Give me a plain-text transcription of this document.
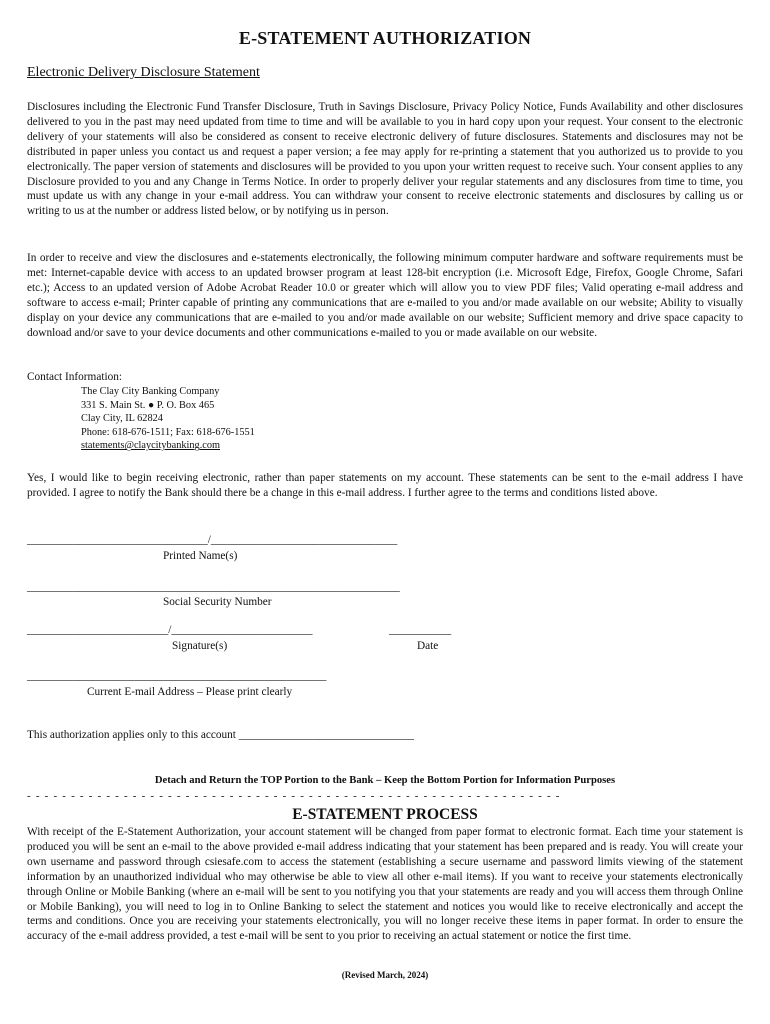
E-STATEMENT AUTHORIZATION
Electronic Delivery Disclosure Statement
Disclosures including the Electronic Fund Transfer Disclosure, Truth in Savings Disclosure, Privacy Policy Notice, Funds Availability and other disclosures delivered to you in the past may need updated from time to time and will be available to you in hard copy upon your request. Your consent to the electronic delivery of your statements will also be considered as consent to receive electronic delivery of future disclosures. Statements and disclosures may not be distributed in paper unless you contact us and request a paper version; a fee may apply for re-printing a statement that you authorized us to provide to you electronically. The paper version of statements and disclosures will be provided to you upon your written request to receive such. Your consent applies to any Disclosure provided to you and any Change in Terms Notice. In order to properly deliver your regular statements and any disclosures from time to time, you must update us with any change in your e-mail address. You can withdraw your consent to receive electronic statements and disclosures by calling us or writing to us at the number or address listed below, or by notifying us in person.
In order to receive and view the disclosures and e-statements electronically, the following minimum computer hardware and software requirements must be met: Internet-capable device with access to an updated browser program at least 128-bit encryption (i.e. Microsoft Edge, Firefox, Google Chrome, Safari etc.); Access to an updated version of Adobe Acrobat Reader 10.0 or greater which will allow you to view PDF files; Valid operating e-mail address and software to access e-mail; Printer capable of printing any communications that are e-mailed to you and/or made available on our website; Ability to visually display on your device any communications that are e-mailed to you and/or made available on our website; Sufficient memory and drive space capacity to download and/or save to your device documents and other communications e-mailed to you or made available on our website.
Contact Information:
The Clay City Banking Company
331 S. Main St. ● P. O. Box 465
Clay City, IL 62824
Phone: 618-676-1511; Fax: 618-676-1551
statements@claycitybanking.com
Yes, I would like to begin receiving electronic, rather than paper statements on my account. These statements can be sent to the e-mail address I have provided. I agree to notify the Bank should there be a change in this e-mail address. I further agree to the terms and conditions listed above.
________________________________/_________________________________
Printed Name(s)
__________________________________________________________________
Social Security Number
_________________________/_________________________	___________
Signature(s)	Date
_____________________________________________________
Current E-mail Address – Please print clearly
This authorization applies only to this account _______________________________
Detach and Return the TOP Portion to the Bank – Keep the Bottom Portion for Information Purposes
- - - - - - - - - - - - - - - - - - - - - - - - - - - - - - - - - - - - - - - - - - - - - - - - - - - - - - - - - - - - -
E-STATEMENT PROCESS
With receipt of the E-Statement Authorization, your account statement will be changed from paper format to electronic format. Each time your statement is produced you will be sent an e-mail to the above provided e-mail address indicating that your statement has been prepared and is ready. You will create your own username and password through csiesafe.com to access the statement (establishing a secure username and password limits viewing of the statement information by an unauthorized individual who may otherwise be able to view all other e-mail items). If you want to receive your statements electronically through Online or Mobile Banking (where an e-mail will be sent to you notifying you that your statements are ready and you will access them through Online or Mobile Banking), you will need to log in to Online Banking to select the statement and notices you would like to receive electronically and accept the terms and conditions. Once you are receiving your statements electronically, you will no longer receive these items in paper format. In order to ensure the accuracy of the e-mail address provided, a test e-mail will be sent to you prior to receiving an actual statement or notice the first time.
(Revised March, 2024)
